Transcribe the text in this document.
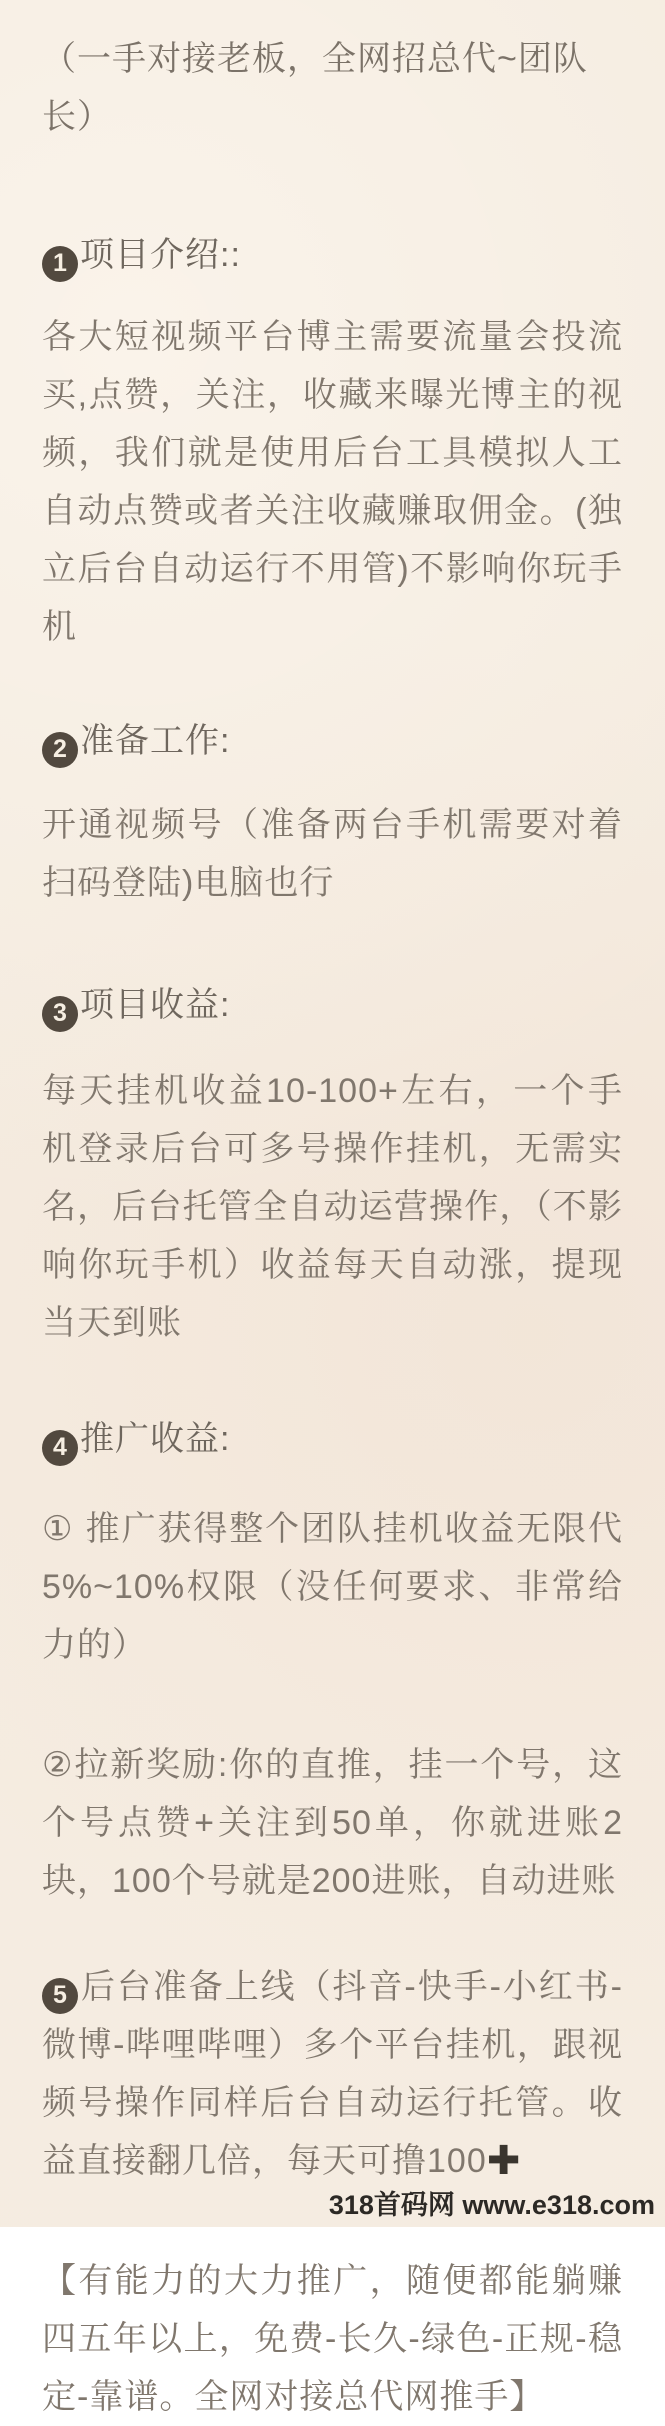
（一手对接老板，全网招总代~团队长）

1 项目介绍::

各大短视频平台博主需要流量会投流买,点赞，关注，收藏来曝光博主的视频，我们就是使用后台工具模拟人工自动点赞或者关注收藏赚取佣金。(独立后台自动运行不用管)不影响你玩手机

2 准备工作:

开通视频号（准备两台手机需要对着扫码登陆)电脑也行

3 项目收益:

每天挂机收益10-100+左右，一个手机登录后台可多号操作挂机，无需实名，后台托管全自动运营操作，（不影响你玩手机）收益每天自动涨，提现当天到账

4 推广收益:

① 推广获得整个团队挂机收益无限代5%~10%权限（没任何要求、非常给力的）

②拉新奖励:你的直推，挂一个号，这个号点赞+关注到50单，你就进账2块，100个号就是200进账，自动进账

5 后台准备上线（抖音-快手-小红书-微博-哔哩哔哩）多个平台挂机，跟视频号操作同样后台自动运行托管。收益直接翻几倍，每天可撸100✚

【有能力的大力推广，随便都能躺赚四五年以上，免费-长久-绿色-正规-稳定-靠谱。全网对接总代网推手】

318首码网 www.e318.com
